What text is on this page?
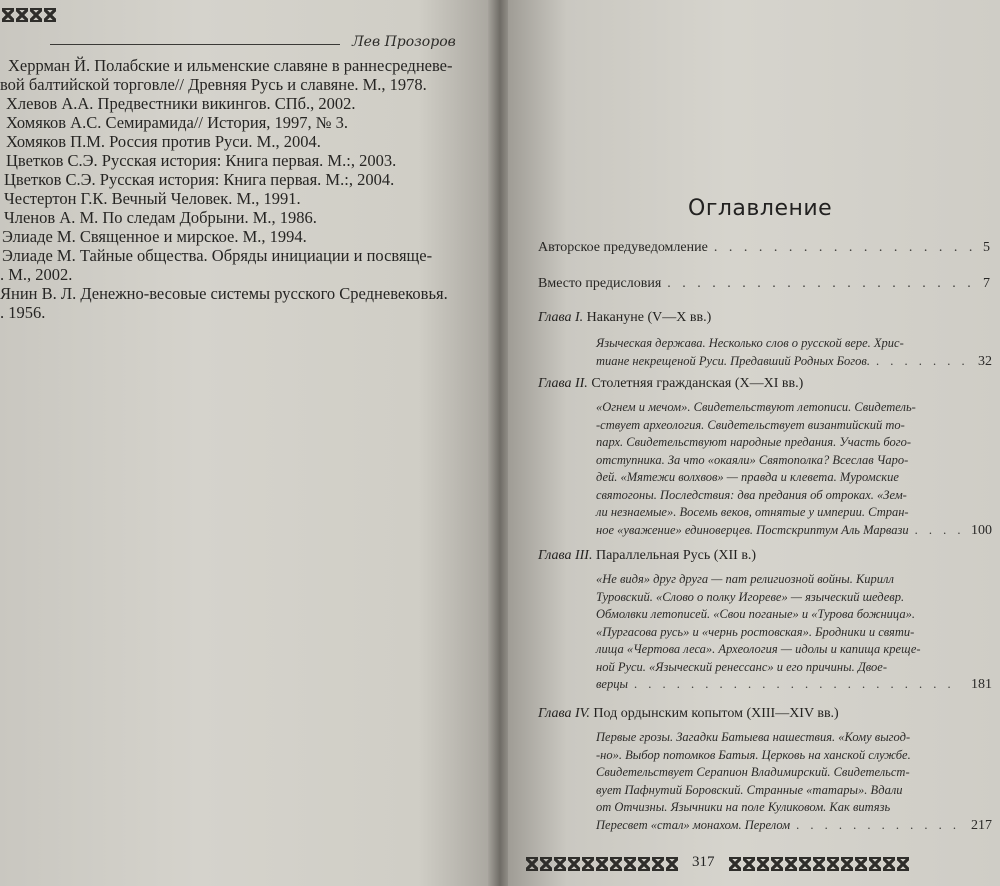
Лев Прозоров
Херрман Й. Полабские и ильменские славяне в раннесредневе-
вой балтийской торговле// Древняя Русь и славяне. М., 1978.
Хлевов А.А. Предвестники викингов. СПб., 2002.
Хомяков А.С. Семирамида// История, 1997, № 3.
Хомяков П.М. Россия против Руси. М., 2004.
Цветков С.Э. Русская история: Книга первая. М.:, 2003.
Цветков С.Э. Русская история: Книга первая. М.:, 2004.
Честертон Г.К. Вечный Человек. М., 1991.
Членов А. М. По следам Добрыни. М., 1986.
Элиаде М. Священное и мирское. М., 1994.
Элиаде М. Тайные общества. Обряды инициации и посвяще-
. М., 2002.
Янин В. Л. Денежно-весовые системы русского Средневековья.
. 1956.
Оглавление
Авторское предуведомление . . .	5
Вместо предисловия . . .	7
Глава I. Накануне (V—X вв.)
Языческая держава. Несколько слов о русской вере. Хрис-
тиане некрещеной Руси. Предавший Родных Богов. . . .	32
Глава II. Столетняя гражданская (X—XI вв.)
«Огнем и мечом». Свидетельствуют летописи. Свидетель-
-ствует археология. Свидетельствует византийский то-
парх. Свидетельствуют народные предания. Участь бого-
отступника. За что «окаяли» Святополка? Всеслав Чаро-
дей. «Мятежи волхвов» — правда и клевета. Муромские
святогоны. Последствия: два предания об отроках. «Зем-
ли незнаемые». Восемь веков, отнятые у империи. Стран-
ное «уважение» единоверцев. Постскриптум Аль Марвази . . .	100
Глава III. Параллельная Русь (XII в.)
«Не видя» друг друга — пат религиозной войны. Кирилл
Туровский. «Слово о полку Игореве» — языческий шедевр.
Обмолвки летописей. «Свои поганые» и «Турова божница».
«Пургасова русь» и «чернь ростовская». Бродники и святи-
лища «Чертова леса». Археология — идолы и капища креще-
ной Руси. «Языческий ренессанс» и его причины. Двое-
верцы . . .	181
Глава IV. Под ордынским копытом (XIII—XIV вв.)
Первые грозы. Загадки Батыева нашествия. «Кому выгод-
-но». Выбор потомков Батыя. Церковь на ханской службе.
Свидетельствует Серапион Владимирский. Свидетельст-
вует Пафнутий Боровский. Странные «татары». Вдали
от Отчизны. Язычники на поле Куликовом. Как витязь
Пересвет «стал» монахом. Перелом . . .	217
317
